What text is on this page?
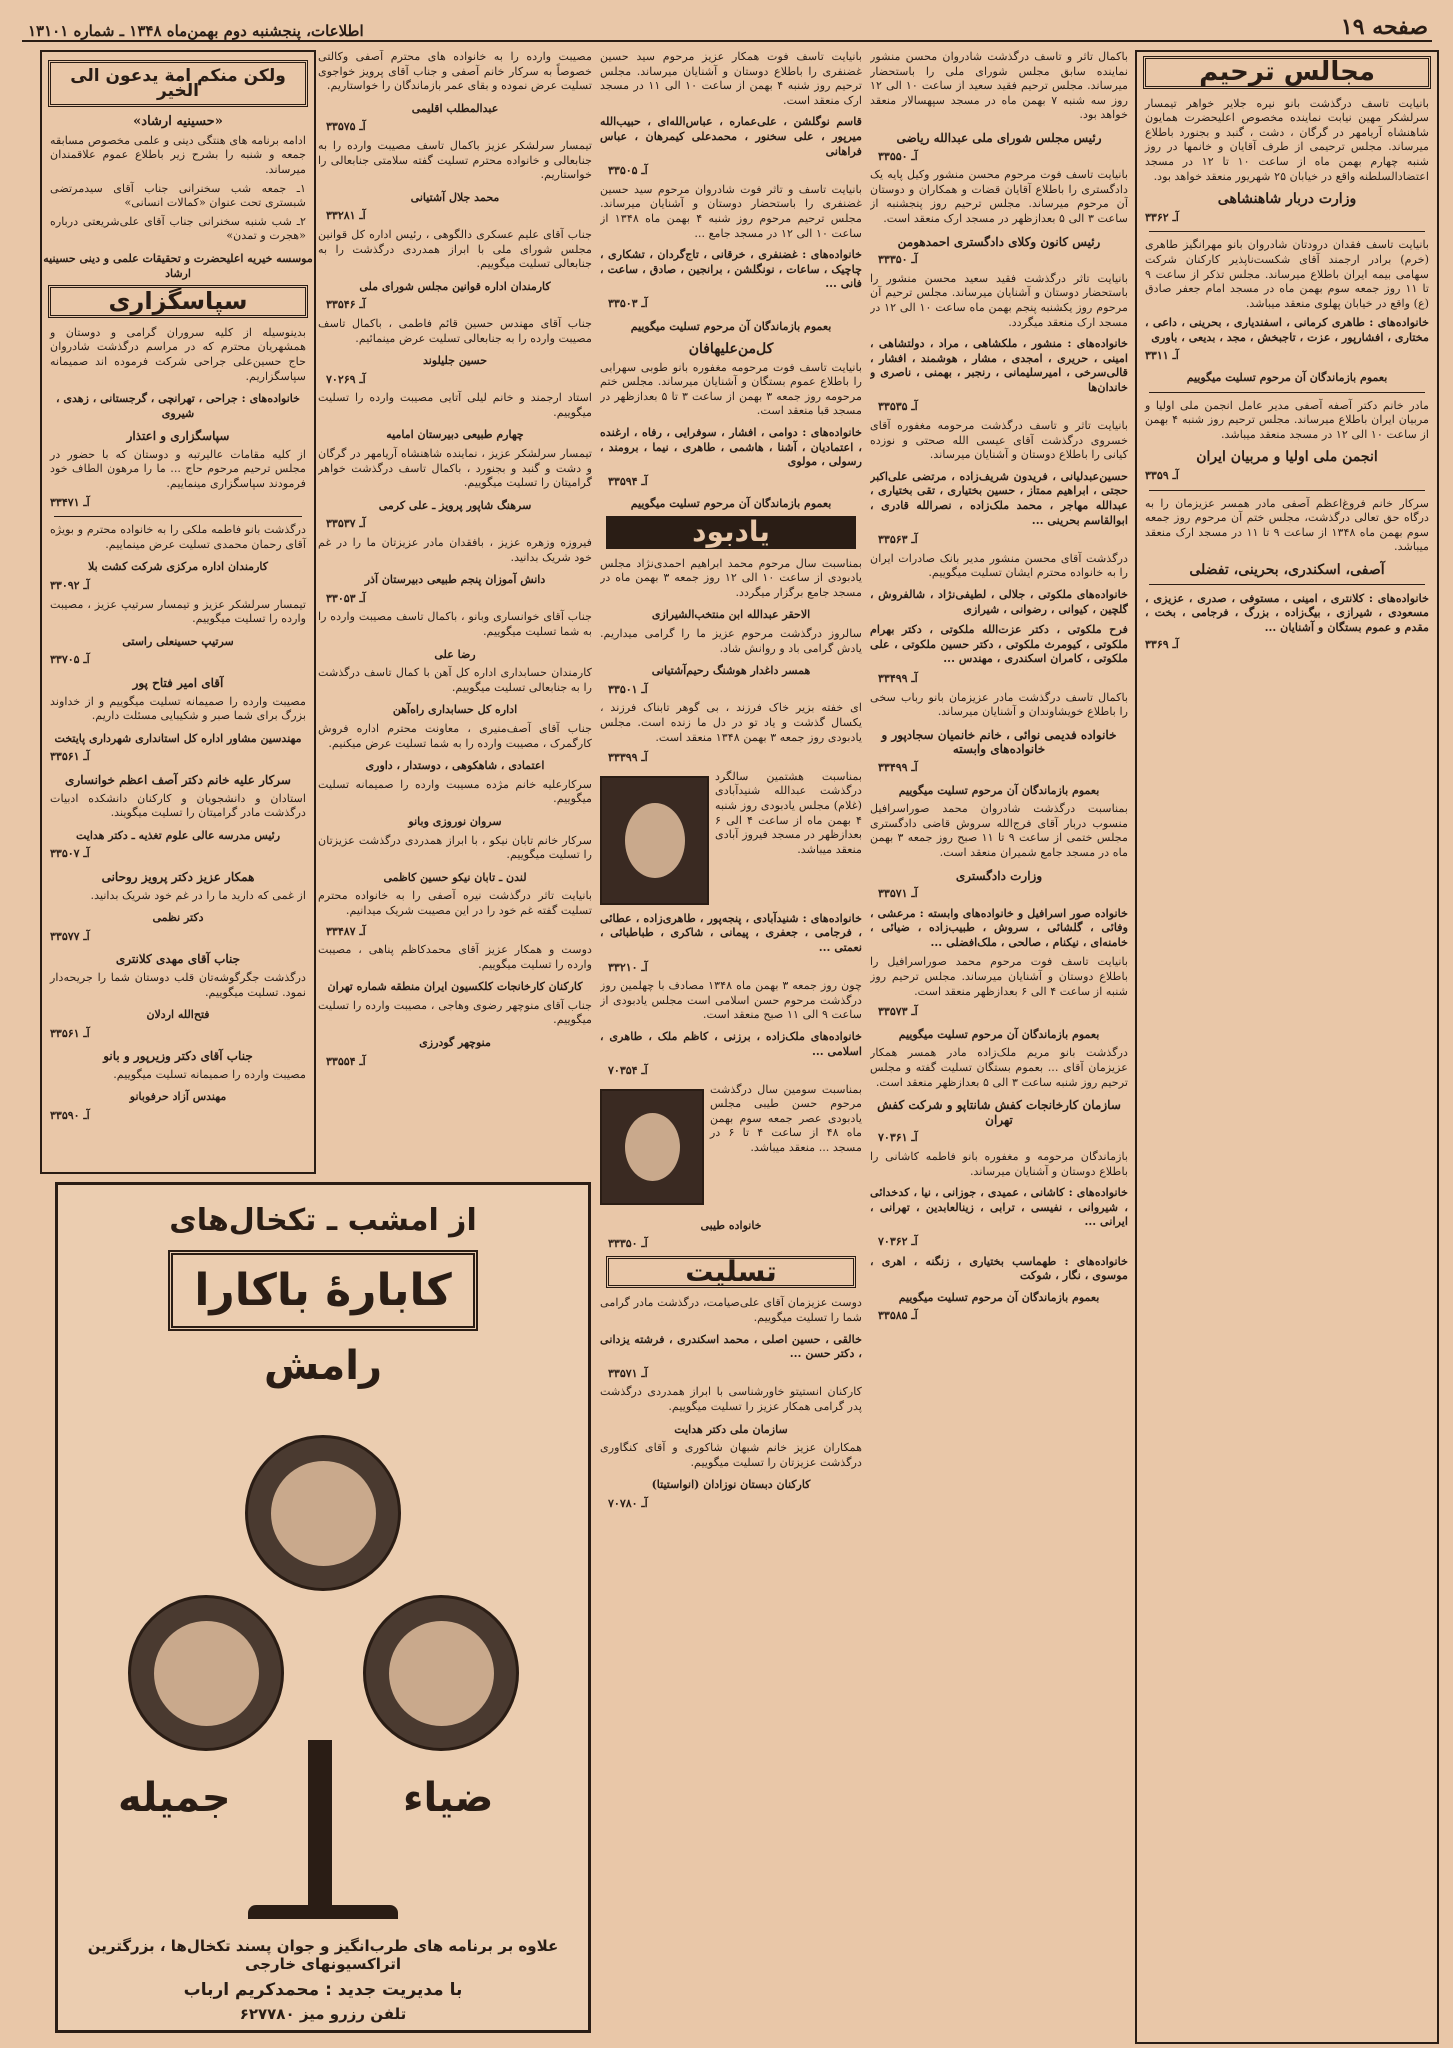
صفحه ۱۹
اطلاعات، پنجشنبه دوم بهمن‌ماه ۱۳۴۸ ـ شماره ۱۳۱۰۱
مجالس ترحیم

بانیایت تاسف درگذشت بانو نیره جلایر خواهر تیمسار سرلشکر مهین نیابت نماینده مخصوص اعلیحضرت همایون شاهنشاه آریامهر در گرگان ، دشت ، گنبد و بجنورد باطلاع میرساند. مجلس ترحیمی از طرف آقایان و خانمها در روز شنبه چهارم بهمن ماه از ساعت ۱۰ تا ۱۲ در مسجد اعتضادالسلطنه واقع در خیابان ۲۵ شهریور منعقد خواهد بود.

وزارت دربار شاهنشاهی
آـ ۳۳۶۲

بانیایت تاسف فقدان درودتان شادروان بانو مهرانگیز طاهری (خرم) برادر ارجمند آقای شکست‌ناپذیر کارکنان شرکت سهامی بیمه ایران باطلاع میرساند. مجلس تذکر از ساعت ۹ تا ۱۱ روز جمعه سوم بهمن ماه در مسجد امام جعفر صادق (ع) واقع در خیابان پهلوی منعقد میباشد.

خانواده‌های : طاهری کرمانی ، اسفندیاری ، بحرینی ، داعی ، مختاری ، افشارپور ، عزت ، تاجبخش ، مجد ، بدیعی ، باوری

آـ ۳۳۱۱
بعموم بازماندگان آن مرحوم تسلیت میگوییم

مادر خانم دکتر آصفه آصفی مدیر عامل انجمن ملی اولیا و مربیان ایران باطلاع میرساند. مجلس ترحیم روز شنبه ۴ بهمن از ساعت ۱۰ الی ۱۲ در مسجد منعقد میباشد.

انجمن ملی اولیا و مربیان ایران
آـ ۳۳۵۹

سرکار خانم فروغ‌اعظم آصفی مادر همسر عزیزمان را به درگاه حق تعالی درگذشت، مجلس ختم آن مرحوم روز جمعه سوم بهمن ماه ۱۳۴۸ از ساعت ۹ تا ۱۱ در مسجد ارک منعقد میباشد.

آصفی، اسکندری، بحرینی، تفضلی

خانواده‌های : کلانتری ، امینی ، مستوفی ، صدری ، عزیزی ، مسعودی ، شیرازی ، بیگ‌زاده ، بزرگ ، فرجامی ، بخت ، مقدم و عموم بستگان و آشنایان ...

آـ ۳۳۶۹

باکمال تاثر و تاسف درگذشت شادروان محسن منشور نماینده سابق مجلس شورای ملی را باستحضار میرساند. مجلس ترحیم فقید سعید از ساعت ۱۰ الی ۱۲ روز سه شنبه ۷ بهمن ماه در مسجد سپهسالار منعقد خواهد بود.

رئیس مجلس شورای ملی عبدالله ریاضی
آـ ۳۳۵۵۰

بانیایت تاسف فوت مرحوم محسن منشور وکیل پایه یک دادگستری را باطلاع آقایان قضات و همکاران و دوستان آن مرحوم میرساند. مجلس ترحیم روز پنجشنبه از ساعت ۳ الی ۵ بعدازظهر در مسجد ارک منعقد است.

رئیس کانون وکلای دادگستری احمدهومن
آـ ۳۳۳۵۰

بانیایت تاثر درگذشت فقید سعید محسن منشور را باستحضار دوستان و آشنایان میرساند. مجلس ترحیم آن مرحوم روز یکشنبه پنجم بهمن ماه ساعت ۱۰ الی ۱۲ در مسجد ارک منعقد میگردد.

خانواده‌های : منشور ، ملکشاهی ، مراد ، دولتشاهی ، امینی ، حریری ، امجدی ، مشار ، هوشمند ، افشار ، قالی‌سرخی ، امیرسلیمانی ، رنجبر ، بهمنی ، ناصری و خاندان‌ها

آـ ۳۳۵۳۵

بانیایت تاثر و تاسف درگذشت مرحومه مغفوره آقای خسروی درگذشت آقای عیسی الله صحتی و نوزده کیانی را باطلاع دوستان و آشنایان میرساند.

حسین‌عبدلیانی ، فریدون شریف‌زاده ، مرتضی علی‌اکبر حجتی ، ابراهیم ممتاز ، حسین بختیاری ، تقی بختیاری ، عبدالله مهاجر ، محمد ملک‌زاده ، نصرالله قادری ، ابوالقاسم بحرینی ...

آـ ۳۳۵۶۳

درگذشت آقای محسن منشور مدیر بانک صادرات ایران را به خانواده محترم ایشان تسلیت میگوییم.

خانواده‌های ملکوتی ، جلالی ، لطیفی‌نژاد ، شالفروش ، گلچین ، کیوانی ، رضوانی ، شیرازی

فرح ملکوتی ، دکتر عزت‌الله ملکوتی ، دکتر بهرام ملکوتی ، کیومرث ملکوتی ، دکتر حسین ملکوتی ، علی ملکوتی ، کامران اسکندری ، مهندس ...

آـ ۳۳۴۹۹

باکمال تاسف درگذشت مادر عزیزمان بانو رباب سخی را باطلاع خویشاوندان و آشنایان میرساند.

خانواده فدیمی نوائی ، خانم خانمیان سجادپور و خانواده‌های وابسته
آـ ۳۳۴۹۹
بعموم بازماندگان آن مرحوم تسلیت میگوییم

بمناسبت درگذشت شادروان محمد صوراسرافیل منسوب دربار آقای فرج‌الله سروش قاضی دادگستری مجلس ختمی از ساعت ۹ تا ۱۱ صبح روز جمعه ۳ بهمن ماه در مسجد جامع شمیران منعقد است.

وزارت دادگستری
آـ ۳۳۵۷۱

خانواده صور اسرافیل و خانواده‌های وابسته : مرعشی ، وفائی ، گلشائی ، سروش ، طبیب‌زاده ، ضیائی ، خامنه‌ای ، نیکنام ، صالحی ، ملک‌افضلی ...

بانیایت تاسف فوت مرحوم محمد صوراسرافیل را باطلاع دوستان و آشنایان میرساند. مجلس ترحیم روز شنبه از ساعت ۴ الی ۶ بعدازظهر منعقد است.

آـ ۳۳۵۷۳
بعموم بازماندگان آن مرحوم تسلیت میگوییم

درگذشت بانو مریم ملک‌زاده مادر همسر همکار عزیزمان آقای ... بعموم بستگان تسلیت گفته و مجلس ترحیم روز شنبه ساعت ۳ الی ۵ بعدازظهر منعقد است.

سازمان کارخانجات کفش شانتاپو و شرکت کفش تهران
آـ ۷۰۳۶۱

بازماندگان مرحومه و مغفوره بانو فاطمه کاشانی را باطلاع دوستان و آشنایان میرساند.

خانواده‌های : کاشانی ، عمیدی ، جوزانی ، نیا ، کدخدائی ، شیروانی ، نفیسی ، ترابی ، زینالعابدین ، تهرانی ، ایرانی ...

آـ ۷۰۳۶۲

خانواده‌های : طهماسب بختیاری ، زنگنه ، اهری ، موسوی ، نگار ، شوکت

بعموم بازماندگان آن مرحوم تسلیت میگوییم
آـ ۳۳۵۸۵

بانیایت تاسف فوت همکار عزیز مرحوم سید حسین غضنفری را باطلاع دوستان و آشنایان میرساند. مجلس ترحیم روز شنبه ۴ بهمن از ساعت ۱۰ الی ۱۱ در مسجد ارک منعقد است.

قاسم نوگلشن ، علی‌عماره ، عباس‌الله‌ای ، حبیب‌الله میرپور ، علی سخنور ، محمدعلی کیمرهان ، عباس فراهانی

آـ ۳۳۵۰۵

بانیایت تاسف و تاثر فوت شادروان مرحوم سید حسین غضنفری را باستحضار دوستان و آشنایان میرساند. مجلس ترحیم مرحوم روز شنبه ۴ بهمن ماه ۱۳۴۸ از ساعت ۱۰ الی ۱۲ در مسجد جامع ...

خانواده‌های : غضنفری ، خرقانی ، تاج‌گردان ، تشکاری ، چاچیک ، ساعات ، نونگلشن ، برانجین ، صادق ، ساعت ، فانی ...

آـ ۳۳۵۰۳
بعموم بازماندگان آن مرحوم تسلیت میگوییم
کل‌من‌علیهافان

بانیایت تاسف فوت مرحومه مغفوره بانو طوبی سهرابی را باطلاع عموم بستگان و آشنایان میرساند. مجلس ختم مرحومه روز جمعه ۳ بهمن از ساعت ۳ تا ۵ بعدازظهر در مسجد قبا منعقد است.

خانواده‌های : دوامی ، افشار ، سوفرایی ، رفاه ، ارغنده ، اعتمادیان ، آشنا ، هاشمی ، طاهری ، نیما ، برومند ، رسولی ، مولوی

آـ ۳۳۵۹۴
بعموم بازماندگان آن مرحوم تسلیت میگوییم
یادبود

بمناسبت سال مرحوم محمد ابراهیم احمدی‌نژاد مجلس یادبودی از ساعت ۱۰ الی ۱۲ روز جمعه ۳ بهمن ماه در مسجد جامع برگزار میگردد.

الاحقر عبدالله ابن منتخب‌الشیرازی

سالروز درگذشت مرحوم عزیز ما را گرامی میداریم. یادش گرامی باد و روانش شاد.

همسر داغدار هوشنگ رحیم‌آشتیانی
آـ ۳۳۵۰۱

ای خفته بزیر خاک فرزند ، بی گوهر تابناک فرزند ، یکسال گذشت و یاد تو در دل ما زنده است. مجلس یادبودی روز جمعه ۳ بهمن ۱۳۴۸ منعقد است.

آـ ۳۳۳۹۹

بمناسبت هشتمین سالگرد درگذشت عبدالله شنیدآبادی (غلام) مجلس یادبودی روز شنبه ۴ بهمن ماه از ساعت ۴ الی ۶ بعدازظهر در مسجد فیروز آبادی منعقد میباشد.

خانواده‌های : شنیدآبادی ، پنجه‌پور ، طاهری‌زاده ، عطائی ، فرجامی ، جعفری ، پیمانی ، شاکری ، طباطبائی ، نعمتی ...

آـ ۳۳۲۱۰

چون روز جمعه ۳ بهمن ماه ۱۳۴۸ مصادف با چهلمین روز درگذشت مرحوم حسن اسلامی است مجلس یادبودی از ساعت ۹ الی ۱۱ صبح منعقد است.

خانواده‌های ملک‌زاده ، برزنی ، کاظم ملک ، طاهری ، اسلامی ...

آـ ۷۰۳۵۴

بمناسبت سومین سال درگذشت مرحوم حسن طیبی مجلس یادبودی عصر جمعه سوم بهمن ماه ۴۸ از ساعت ۴ تا ۶ در مسجد ... منعقد میباشد.

خانواده طیبی
آـ ۳۳۳۵۰
تسلیت

دوست عزیزمان آقای علی‌صیامت، درگذشت مادر گرامی شما را تسلیت میگوییم.

خالقی ، حسین اصلی ، محمد اسکندری ، فرشته یزدانی ، دکتر حسن ...

آـ ۳۳۵۷۱

کارکنان انستیتو خاورشناسی با ابراز همدردی درگذشت پدر گرامی همکار عزیز را تسلیت میگوییم.

سازمان ملی دکتر هدایت

همکاران عزیز خانم شبهان شاکوری و آقای کنگاوری درگذشت عزیزتان را تسلیت میگوییم.

کارکنان دبستان نوزادان (انواستیتا)
آـ ۷۰۷۸۰

مصیبت وارده را به خانواده های محترم آصفی وکالتی خصوصاً به سرکار خانم آصفی و جناب آقای پرویز خواجوی تسلیت عرض نموده و بقای عمر بازماندگان را خواستاریم.

عبدالمطلب اقلیمی
آـ ۳۳۵۷۵

تیمسار سرلشکر عزیز باکمال تاسف مصیبت وارده را به جنابعالی و خانواده محترم تسلیت گفته سلامتی جنابعالی را خواستاریم.

محمد جلال آشتیانی
آـ ۳۳۲۸۱

جناب آقای علیم عسکری دالگوهی ، رئیس اداره کل قوانین مجلس شورای ملی با ابراز همدردی درگذشت را به جنابعالی تسلیت میگوییم.

کارمندان اداره قوانین مجلس شورای ملی
آـ ۳۳۵۴۶

جناب آقای مهندس حسین قائم فاطمی ، باکمال تاسف مصیبت وارده را به جنابعالی تسلیت عرض مینمائیم.

حسین جلیلوند
آـ ۷۰۲۶۹

استاد ارجمند و خانم لیلی آتایی مصیبت وارده را تسلیت میگوییم.

چهارم طبیعی دبیرستان امامیه

تیمسار سرلشکر عزیز ، نماینده شاهنشاه آریامهر در گرگان و دشت و گنبد و بجنورد ، باکمال تاسف درگذشت خواهر گرامیتان را تسلیت میگوییم.

سرهنگ شاپور پرویز ـ علی کرمی
آـ ۳۳۵۳۷

فیروزه وزهره عزیز ، بافقدان مادر عزیزتان ما را در غم خود شریک بدانید.

دانش آموزان پنجم طبیعی دبیرستان آذر
آـ ۳۳۰۵۳

جناب آقای خوانساری وبانو ، باکمال تاسف مصیبت وارده را به شما تسلیت میگوییم.

رضا علی

کارمندان حسابداری اداره کل آهن با کمال تاسف درگذشت را به جنابعالی تسلیت میگوییم.

اداره کل حسابداری راه‌آهن

جناب آقای آصف‌منیری ، معاونت محترم اداره فروش کارگمرک ، مصیبت وارده را به شما تسلیت عرض میکنیم.

اعتمادی ، شاهکوهی ، دوستدار ، داوری

سرکارعلیه خانم مژده مسیبت وارده را صمیمانه تسلیت میگوییم.

سروان نوروزی وبانو

سرکار خانم تابان نیکو ، با ابراز همدردی درگذشت عزیزتان را تسلیت میگوییم.

لندن ـ تابان نیکو حسین کاظمی

بانیایت تاثر درگذشت نیره آصفی را به خانواده محترم تسلیت گفته غم خود را در این مصیبت شریک میدانیم.

آـ ۳۳۴۸۷

دوست و همکار عزیز آقای محمدکاظم پناهی ، مصیبت وارده را تسلیت میگوییم.

کارکنان کارخانجات کلکسیون ایران منطقه شماره تهران

جناب آقای منوچهر رضوی وهاجی ، مصیبت وارده را تسلیت میگوییم.

منوچهر گودرزی
آـ ۳۳۵۵۴
ولکن منکم امة یدعون الی الخیر
«حسینیه ارشاد»

ادامه برنامه های هنتگی دینی و علمی مخصوص مسابقه جمعه و شنبه را بشرح زیر باطلاع عموم علاقمندان میرساند.

۱ـ جمعه شب سخنرانی جناب آقای سیدمرتضی شبستری تحت عنوان «کمالات انسانی»

۲ـ شب شنبه سخنرانی جناب آقای علی‌شریعتی درباره «هجرت و تمدن»

موسسه خیریه اعلیحضرت و تحقیقات علمی و دینی حسینیه ارشاد
سپاسگزاری

بدینوسیله از کلیه سروران گرامی و دوستان و همشهریان محترم که در مراسم درگذشت شادروان حاج حسین‌علی جراحی شرکت فرموده اند صمیمانه سپاسگزاریم.

خانواده‌های : جراحی ، تهرانچی ، گرجستانی ، زهدی ، شیروی
سپاسگزاری و اعتذار

از کلیه مقامات عالیرتبه و دوستان که با حضور در مجلس ترحیم مرحوم حاج ... ما را مرهون الطاف خود فرمودند سپاسگزاری مینماییم.

آـ ۳۳۴۷۱

درگذشت بانو فاطمه ملکی را به خانواده محترم و بویژه آقای رحمان محمدی تسلیت عرض مینماییم.

کارمندان اداره مرکزی شرکت کشت بلا
آـ ۳۳۰۹۲

تیمسار سرلشکر عزیز و تیمسار سرتیپ عزیز ، مصیبت وارده را تسلیت میگوییم.

سرتیپ حسینعلی راستی
آـ ۳۳۷۰۵
آقای امیر فتاح پور

مصیبت وارده را صمیمانه تسلیت میگوییم و از خداوند بزرگ برای شما صبر و شکیبایی مسئلت داریم.

مهندسین مشاور اداره کل استانداری شهرداری پایتخت
آـ ۳۳۵۶۱
سرکار علیه خانم دکتر آصف اعظم خوانساری

استادان و دانشجویان و کارکنان دانشکده ادبیات درگذشت مادر گرامیتان را تسلیت میگویند.

رئیس مدرسه عالی علوم تغذیه ـ دکتر هدایت
آـ ۳۳۵۰۷
همکار عزیز دکتر پرویز روحانی

از غمی که دارید ما را در غم خود شریک بدانید.

دکتر نظمی
آـ ۳۳۵۷۷
جناب آقای مهدی کلانتری

درگذشت جگرگوشه‌تان قلب دوستان شما را جریحه‌دار نمود. تسلیت میگوییم.

فتح‌الله اردلان
آـ ۳۳۵۶۱
جناب آقای دکتر وزیرپور و بانو

مصیبت وارده را صمیمانه تسلیت میگوییم.

مهندس آزاد حرفوبانو
آـ ۳۳۵۹۰
از امشب ـ تکخال‌های
کابارهٔ باکارا
رامش
جمیله	ضیاء
علاوه بر برنامه های طرب‌انگیز و جوان پسند تکخال‌ها ، بزرگترین اتراکسیونهای خارجی
با مدیریت جدید : محمدکریم ارباب
تلفن رزرو میز ۶۲۷۷۸۰
